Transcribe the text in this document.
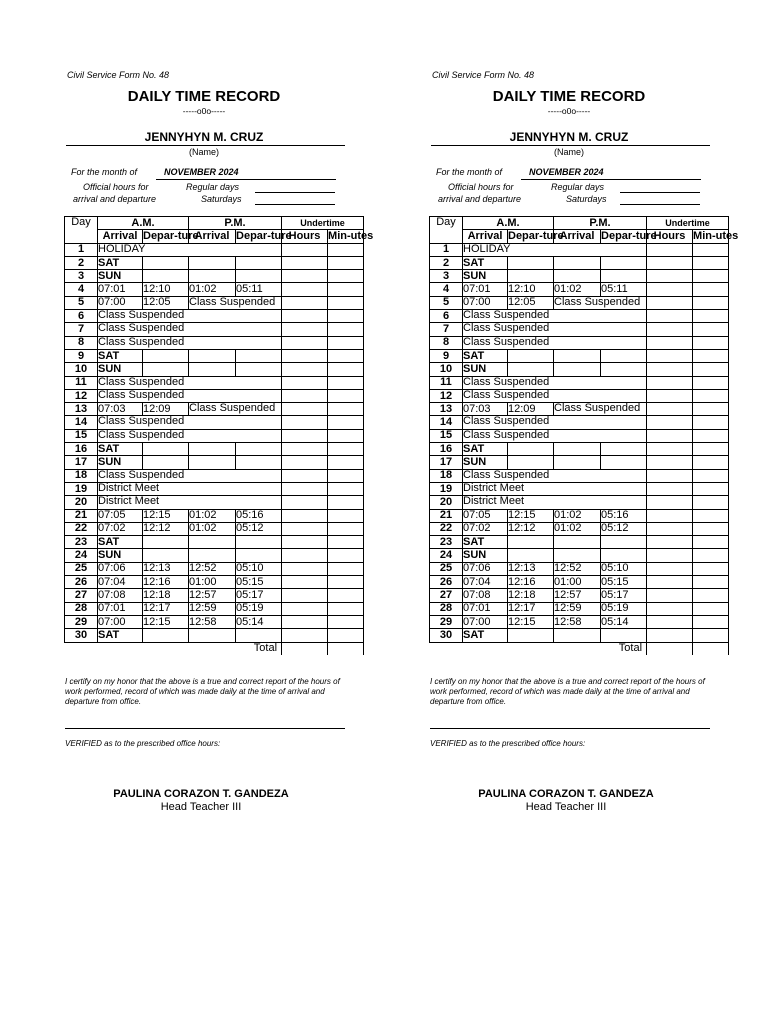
Civil Service Form No. 48
DAILY TIME RECORD
-----o0o-----
JENNYHYN M. CRUZ
(Name)
For the month of	NOVEMBER 2024
Official hours for
arrival and departure
Regular days
Saturdays
Day	A.M.		P.M.		Undertime	
	Arrival	Depar-ture	Arrival	Depar-ture	Hours	Min-utes
1	HOLIDAY					
2	SAT					
3	SUN					
4	07:01	12:10	01:02	05:11		
5	07:00	12:05	Class Suspended			
6	Class Suspended					
7	Class Suspended					
8	Class Suspended					
9	SAT					
10	SUN					
11	Class Suspended					
12	Class Suspended					
13	07:03	12:09	Class Suspended			
14	Class Suspended					
15	Class Suspended					
16	SAT					
17	SUN					
18	Class Suspended					
19	District Meet					
20	District Meet					
21	07:05	12:15	01:02	05:16		
22	07:02	12:12	01:02	05:12		
23	SAT					
24	SUN					
25	07:06	12:13	12:52	05:10		
26	07:04	12:16	01:00	05:15		
27	07:08	12:18	12:57	05:17		
28	07:01	12:17	12:59	05:19		
29	07:00	12:15	12:58	05:14		
30	SAT					
Total						
I certify on my honor that the above is a true and correct report of the hours of work performed, record of which was made daily at the time of arrival and departure from office.
VERIFIED as to the prescribed office hours:
PAULINA CORAZON T. GANDEZA
Head Teacher III
Civil Service Form No. 48
DAILY TIME RECORD
-----o0o-----
JENNYHYN M. CRUZ
(Name)
For the month of	NOVEMBER 2024
Official hours for
arrival and departure
Regular days
Saturdays
Day	A.M.		P.M.		Undertime	
	Arrival	Depar-ture	Arrival	Depar-ture	Hours	Min-utes
1	HOLIDAY					
2	SAT					
3	SUN					
4	07:01	12:10	01:02	05:11		
5	07:00	12:05	Class Suspended			
6	Class Suspended					
7	Class Suspended					
8	Class Suspended					
9	SAT					
10	SUN					
11	Class Suspended					
12	Class Suspended					
13	07:03	12:09	Class Suspended			
14	Class Suspended					
15	Class Suspended					
16	SAT					
17	SUN					
18	Class Suspended					
19	District Meet					
20	District Meet					
21	07:05	12:15	01:02	05:16		
22	07:02	12:12	01:02	05:12		
23	SAT					
24	SUN					
25	07:06	12:13	12:52	05:10		
26	07:04	12:16	01:00	05:15		
27	07:08	12:18	12:57	05:17		
28	07:01	12:17	12:59	05:19		
29	07:00	12:15	12:58	05:14		
30	SAT					
Total						
I certify on my honor that the above is a true and correct report of the hours of work performed, record of which was made daily at the time of arrival and departure from office.
VERIFIED as to the prescribed office hours:
PAULINA CORAZON T. GANDEZA
Head Teacher III
